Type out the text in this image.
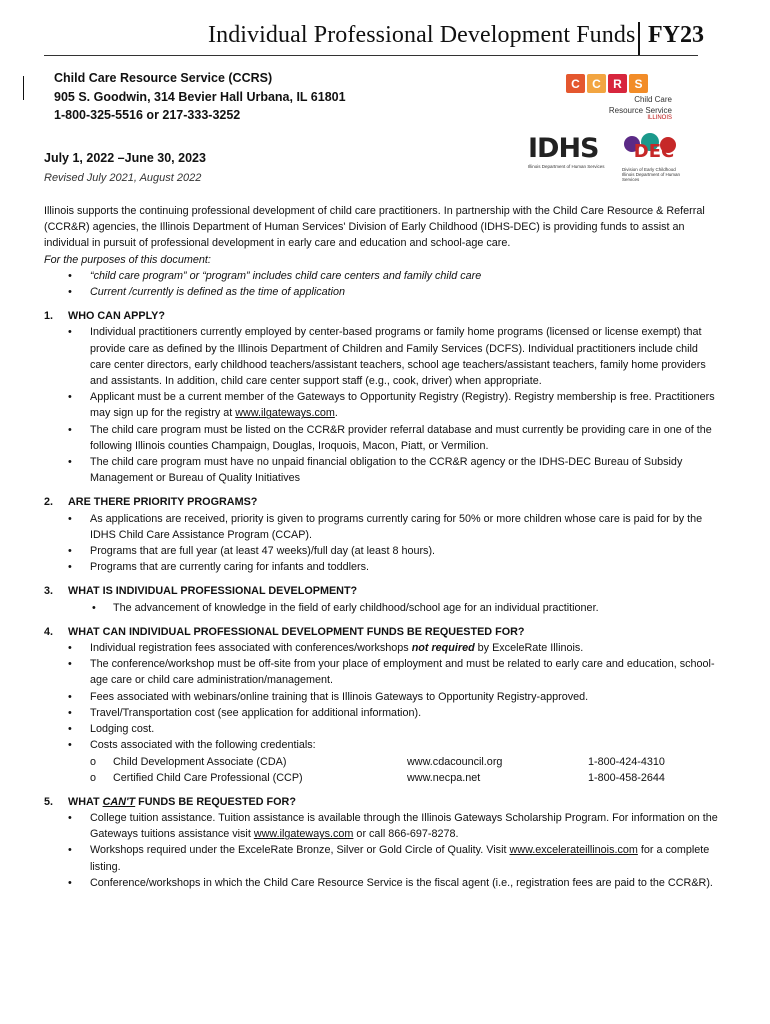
Individual Professional Development Funds FY23
Child Care Resource Service (CCRS)
905 S. Goodwin, 314 Bevier Hall Urbana, IL 61801
1-800-325-5516 or 217-333-3252
July 1, 2022 –June 30, 2023
Revised July 2021, August 2022
C	C	R	S
Child Care
Resource Service
ILLINOIS
IDHS
Illinois Department of Human Services
DEC
Division of Early Childhood
Illinois Department of Human Services

Illinois supports the continuing professional development of child care practitioners. In partnership with the Child Care Resource & Referral (CCR&R) agencies, the Illinois Department of Human Services' Division of Early Childhood (IDHS-DEC) is providing funds to assist an individual in pursuit of professional development in early care and education and school-age care.

For the purposes of this document:

• “child care program” or “program” includes child care centers and family child care
• Current /currently is defined as the time of application
1. WHO CAN APPLY?
• Individual practitioners currently employed by center-based programs or family home programs (licensed or license exempt) that provide care as defined by the Illinois Department of Children and Family Services (DCFS). Individual practitioners include child care center directors, early childhood teachers/assistant teachers, school age teachers/assistant teachers, family home providers and assistants. In addition, child care center support staff (e.g., cook, driver) when appropriate.
• Applicant must be a current member of the Gateways to Opportunity Registry (Registry). Registry membership is free. Practitioners may sign up for the registry at www.ilgateways.com.
• The child care program must be listed on the CCR&R provider referral database and must currently be providing care in one of the following Illinois counties Champaign, Douglas, Iroquois, Macon, Piatt, or Vermilion.
• The child care program must have no unpaid financial obligation to the CCR&R agency or the IDHS-DEC Bureau of Subsidy Management or Bureau of Quality Initiatives
2. ARE THERE PRIORITY PROGRAMS?
• As applications are received, priority is given to programs currently caring for 50% or more children whose care is paid for by the IDHS Child Care Assistance Program (CCAP).
• Programs that are full year (at least 47 weeks)/full day (at least 8 hours).
• Programs that are currently caring for infants and toddlers.
3. WHAT IS INDIVIDUAL PROFESSIONAL DEVELOPMENT?
• The advancement of knowledge in the field of early childhood/school age for an individual practitioner.
4. WHAT CAN INDIVIDUAL PROFESSIONAL DEVELOPMENT FUNDS BE REQUESTED FOR?
• Individual registration fees associated with conferences/workshops not required by ExceleRate Illinois.
• The conference/workshop must be off-site from your place of employment and must be related to early care and education, school-age care or child care administration/management.
• Fees associated with webinars/online training that is Illinois Gateways to Opportunity Registry-approved.
• Travel/Transportation cost (see application for additional information).
• Lodging cost.
• Costs associated with the following credentials:
o Child Development Associate (CDA)	www.cdacouncil.org	1-800-424-4310
o Certified Child Care Professional (CCP)	www.necpa.net	1-800-458-2644
5. WHAT CAN'T FUNDS BE REQUESTED FOR?
• College tuition assistance. Tuition assistance is available through the Illinois Gateways Scholarship Program. For information on the Gateways tuitions assistance visit www.ilgateways.com or call 866-697-8278.
• Workshops required under the ExceleRate Bronze, Silver or Gold Circle of Quality. Visit www.excelerateillinois.com for a complete listing.
• Conference/workshops in which the Child Care Resource Service is the fiscal agent (i.e., registration fees are paid to the CCR&R).
